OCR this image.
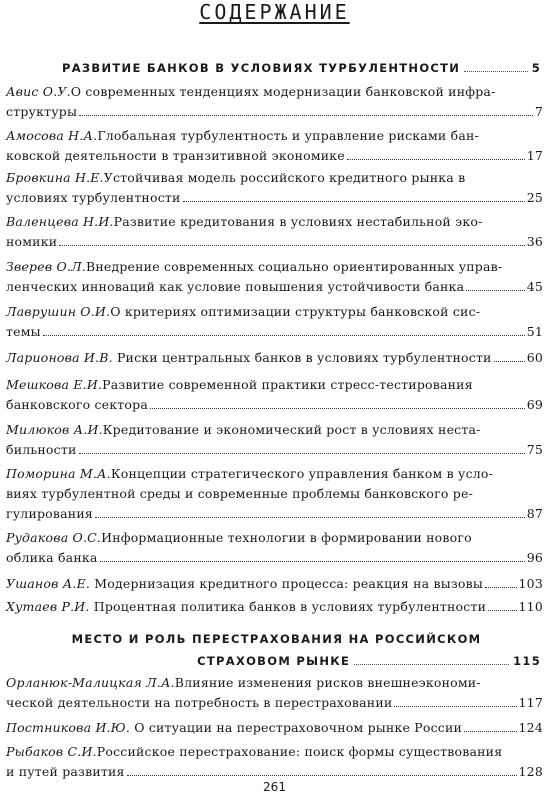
СОДЕРЖАНИЕ
РАЗВИТИЕ БАНКОВ В УСЛОВИЯХ ТУРБУЛЕНТНОСТИ	5
Авис О.У. О современных тенденциях модернизации банковской инфра-
структуры	7
Амосова Н.А. Глобальная турбулентность и управление рисками бан-
ковской деятельности в транзитивной экономике	17
Бровкина Н.Е. Устойчивая модель российского кредитного рынка в
условиях турбулентности	25
Валенцева Н.И. Развитие кредитования в условиях нестабильной эко-
номики	36
Зверев О.Л. Внедрение современных социально ориентированных управ-
ленческих инноваций как условие повышения устойчивости банка	45
Лаврушин О.И. О критериях оптимизации структуры банковской сис-
темы	51
Ларионова И.В. Риски центральных банков в условиях турбулентности	60
Мешкова Е.И. Развитие современной практики стресс-тестирования
банковского сектора	69
Милюков А.И. Кредитование и экономический рост в условиях неста-
бильности	75
Поморина М.А. Концепции стратегического управления банком в усло-
виях турбулентной среды и современные проблемы банковского ре-
гулирования	87
Рудакова О.С. Информационные технологии в формировании нового
облика банка	96
Ушанов А.Е. Модернизация кредитного процесса: реакция на вызовы	103
Хутаев Р.И. Процентная политика банков в условиях турбулентности	110
МЕСТО И РОЛЬ ПЕРЕСТРАХОВАНИЯ НА РОССИЙСКОМ
СТРАХОВОМ РЫНКЕ	115
Орланюк-Малицкая Л.А. Влияние изменения рисков внешнеэкономи-
ческой деятельности на потребность в перестраховании	117
Постникова И.Ю. О ситуации на перестраховочном рынке России	124
Рыбаков С.И. Российское перестрахование: поиск формы существования
и путей развития	128
261
